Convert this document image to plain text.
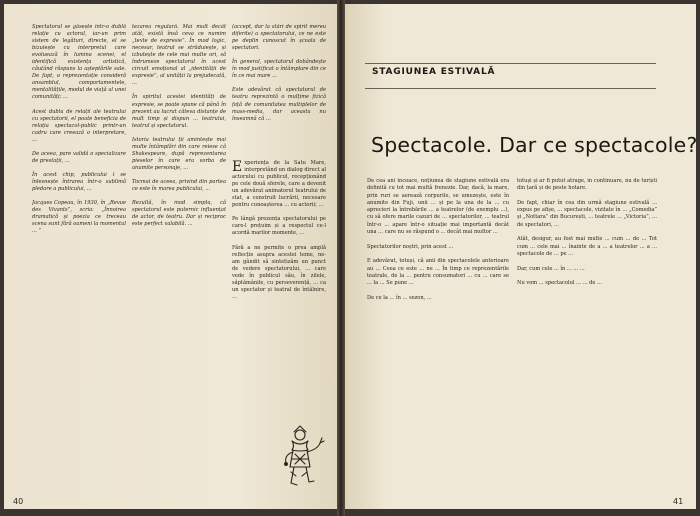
Spectatorul se găsește într-o dublă relație cu actorul, iar-un prim sistem de legături, directe, el se bizuiește cu interpretul care evoluează în lumina scenei, el identifică existența artistică, căutând răspuns la așteptările sale. De fapt, o reprezentație consideră ansamblul, comportamentele, mentalitățile, modul de viață al unei comunități; ...

Acest dublu de relații ale teatrului cu spectatorii, el poate beneficia de relația spectacol-public printr-un cadru care creează o interpretare, ...

De aceea, pare validă o specializare de prestații, ...

În acest chip, publicului i se înlesnește întrarea într-o sublimă pledare a publicului, ...

Jacques Copeau, în 1930, în „Revue des Vivants”, scria: „Înnoirea dramatică și poezia ce treceau scena sunt fără oameni la momentul ... ”
tezarea regulară. Mai mult decât atât, există însă ceva ce numim „texte de expresie”. În mod logic, necesar, teatrul se străduiește, și izbutește de cele mai multe ori, să îndrumeze spectatorul în acest circuit emoțional al „identității de expresie”, al unității la prejudecată, ...

În spiritul acestei identități de expresie, se poate spune că până în prezent au lucrat câteva distanțe de mult timp și dispun ... teatrului, teatrul și spectatorul.

Istoria teatrului ții amintește mai multe întâmplări din care reiese că Shakespeare, după reprezentarea pieselor în care era vorba de anumite personaje, ...

Tocmai de aceea, privind din partea ce este în marea publicului, ...

Rezultă, în mod simplu, că spectatorul este puternic influențat de actor, de teatru. Dar și reciproc este perfect valabilă. ...
(accept, dar la stări de spirit mereu diferite) a spectatorului, ce ne este pe deplin cunoscut în școala de spectatori.

În general, spectatorul dobândește în mod justificat o întâmplare din ce în ce mai mare ...

Este adevărat că spectatorul de teatru reprezintă o mulțime fizică față de comunitatea multiplelor de mass-media, dar aceasta nu înseamnă că ...
Experiența de la Satu Mare, interpretând un dialog direct al actorului cu publicul, recepționând pe cele două sferele, care a devenit un adevărat animatorul teatrului de stat, a construit lucrării, necesare pentru cunoașterea ... cu actorii; ...

Pe lângă prezența spectatorului pe care-l prețuim și a respectul ce-l acordă marilor momente, ...

Fără a ne permite o prea amplă reflecție asupra acestei teme, ne-am gândit să sintetizăm un punct de vedere spectatorului, ... care vede în publicul său, în zilele, săptămânile, cu perseverență, ... ca un spectator și teatral de întâlnire, ...
40
STAGIUNEA ESTIVALĂ
Spectacole. Dar ce spectacole?
De cea ani încoace, noțiunea de stagiune estivală era definită cu tot mai multă frenezie. Dar, dacă, la mare, prin ruri se aerează corpurile, se umezește, este în anumite din Fuji, unii ... și pe la una de la ... cu aprecieri la întrebările ... a teatrelor (de exemplu ...), cu să ofere marile cazuri de ... spectatorilor, ... teatrul într-o ... apare într-o situație mai importantă decât una ... care nu se răspund o ... decât mai multor ...

Spectatorilor noștri, prin acest ...

E adevărat, totuși, că anii din spectacolele anterioare au ... Ceea ce este ... ne ... În timp ce reprezentările teatrale, de la ... pentru consumatori ... cu ... care se ... la ... Se pune ...

De ce la ... în ... sezon, ...
totuși și ar fi putut atrage, în continuare, nu de turiști din țară și de peste hotare.

De fapt, chiar în cea din urmă stagiune estivală ... expus pe afișe, ... spectacole, vizitate în ... „Comedia” și „Nottara” din București, ... teatrele ... „Victoria”, ... de spectatori, ...

Atât, desigur, au fost mai multe ... cum ... de ... Tot cum ... cele mai ... înainte de a ... a teatrelor ... a ... spectacole de ... pe ...

Dar, cum cele ... în ... ... ...

Nu vom ... spectacolul ... ... de ...
41
